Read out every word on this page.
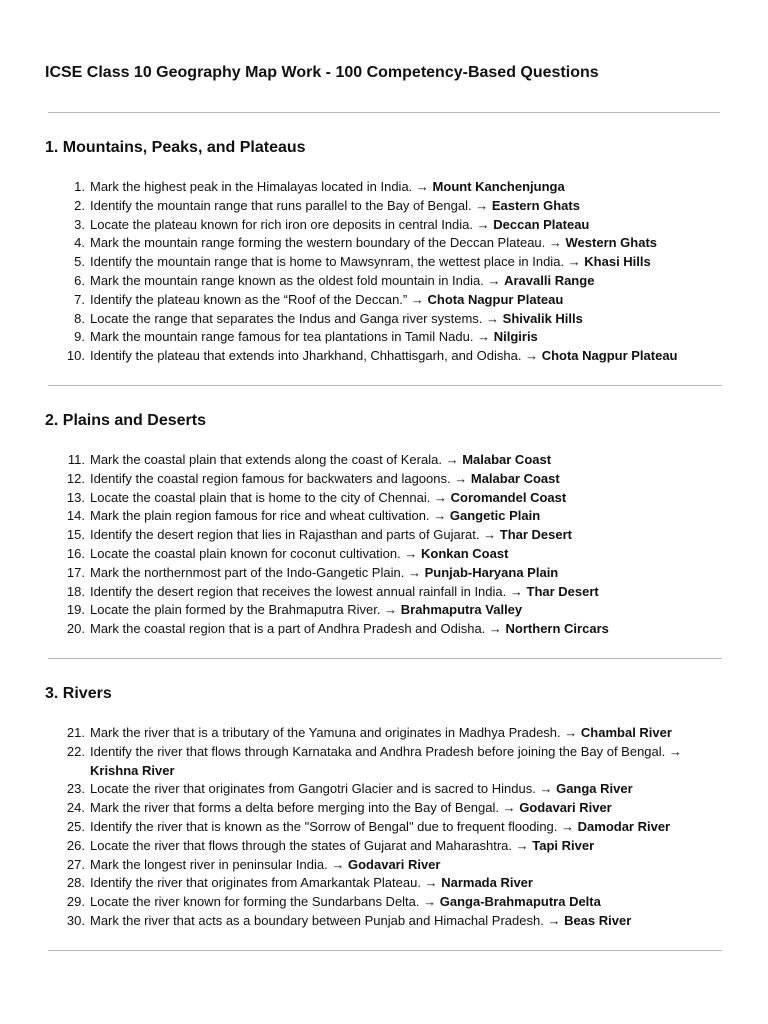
ICSE Class 10 Geography Map Work - 100 Competency-Based Questions
1. Mountains, Peaks, and Plateaus
1. Mark the highest peak in the Himalayas located in India. → Mount Kanchenjunga
2. Identify the mountain range that runs parallel to the Bay of Bengal. → Eastern Ghats
3. Locate the plateau known for rich iron ore deposits in central India. → Deccan Plateau
4. Mark the mountain range forming the western boundary of the Deccan Plateau. → Western Ghats
5. Identify the mountain range that is home to Mawsynram, the wettest place in India. → Khasi Hills
6. Mark the mountain range known as the oldest fold mountain in India. → Aravalli Range
7. Identify the plateau known as the “Roof of the Deccan.” → Chota Nagpur Plateau
8. Locate the range that separates the Indus and Ganga river systems. → Shivalik Hills
9. Mark the mountain range famous for tea plantations in Tamil Nadu. → Nilgiris
10. Identify the plateau that extends into Jharkhand, Chhattisgarh, and Odisha. → Chota Nagpur Plateau
2. Plains and Deserts
11. Mark the coastal plain that extends along the coast of Kerala. → Malabar Coast
12. Identify the coastal region famous for backwaters and lagoons. → Malabar Coast
13. Locate the coastal plain that is home to the city of Chennai. → Coromandel Coast
14. Mark the plain region famous for rice and wheat cultivation. → Gangetic Plain
15. Identify the desert region that lies in Rajasthan and parts of Gujarat. → Thar Desert
16. Locate the coastal plain known for coconut cultivation. → Konkan Coast
17. Mark the northernmost part of the Indo-Gangetic Plain. → Punjab-Haryana Plain
18. Identify the desert region that receives the lowest annual rainfall in India. → Thar Desert
19. Locate the plain formed by the Brahmaputra River. → Brahmaputra Valley
20. Mark the coastal region that is a part of Andhra Pradesh and Odisha. → Northern Circars
3. Rivers
21. Mark the river that is a tributary of the Yamuna and originates in Madhya Pradesh. → Chambal River
22. Identify the river that flows through Karnataka and Andhra Pradesh before joining the Bay of Bengal. → Krishna River
23. Locate the river that originates from Gangotri Glacier and is sacred to Hindus. → Ganga River
24. Mark the river that forms a delta before merging into the Bay of Bengal. → Godavari River
25. Identify the river that is known as the "Sorrow of Bengal" due to frequent flooding. → Damodar River
26. Locate the river that flows through the states of Gujarat and Maharashtra. → Tapi River
27. Mark the longest river in peninsular India. → Godavari River
28. Identify the river that originates from Amarkantak Plateau. → Narmada River
29. Locate the river known for forming the Sundarbans Delta. → Ganga-Brahmaputra Delta
30. Mark the river that acts as a boundary between Punjab and Himachal Pradesh. → Beas River
